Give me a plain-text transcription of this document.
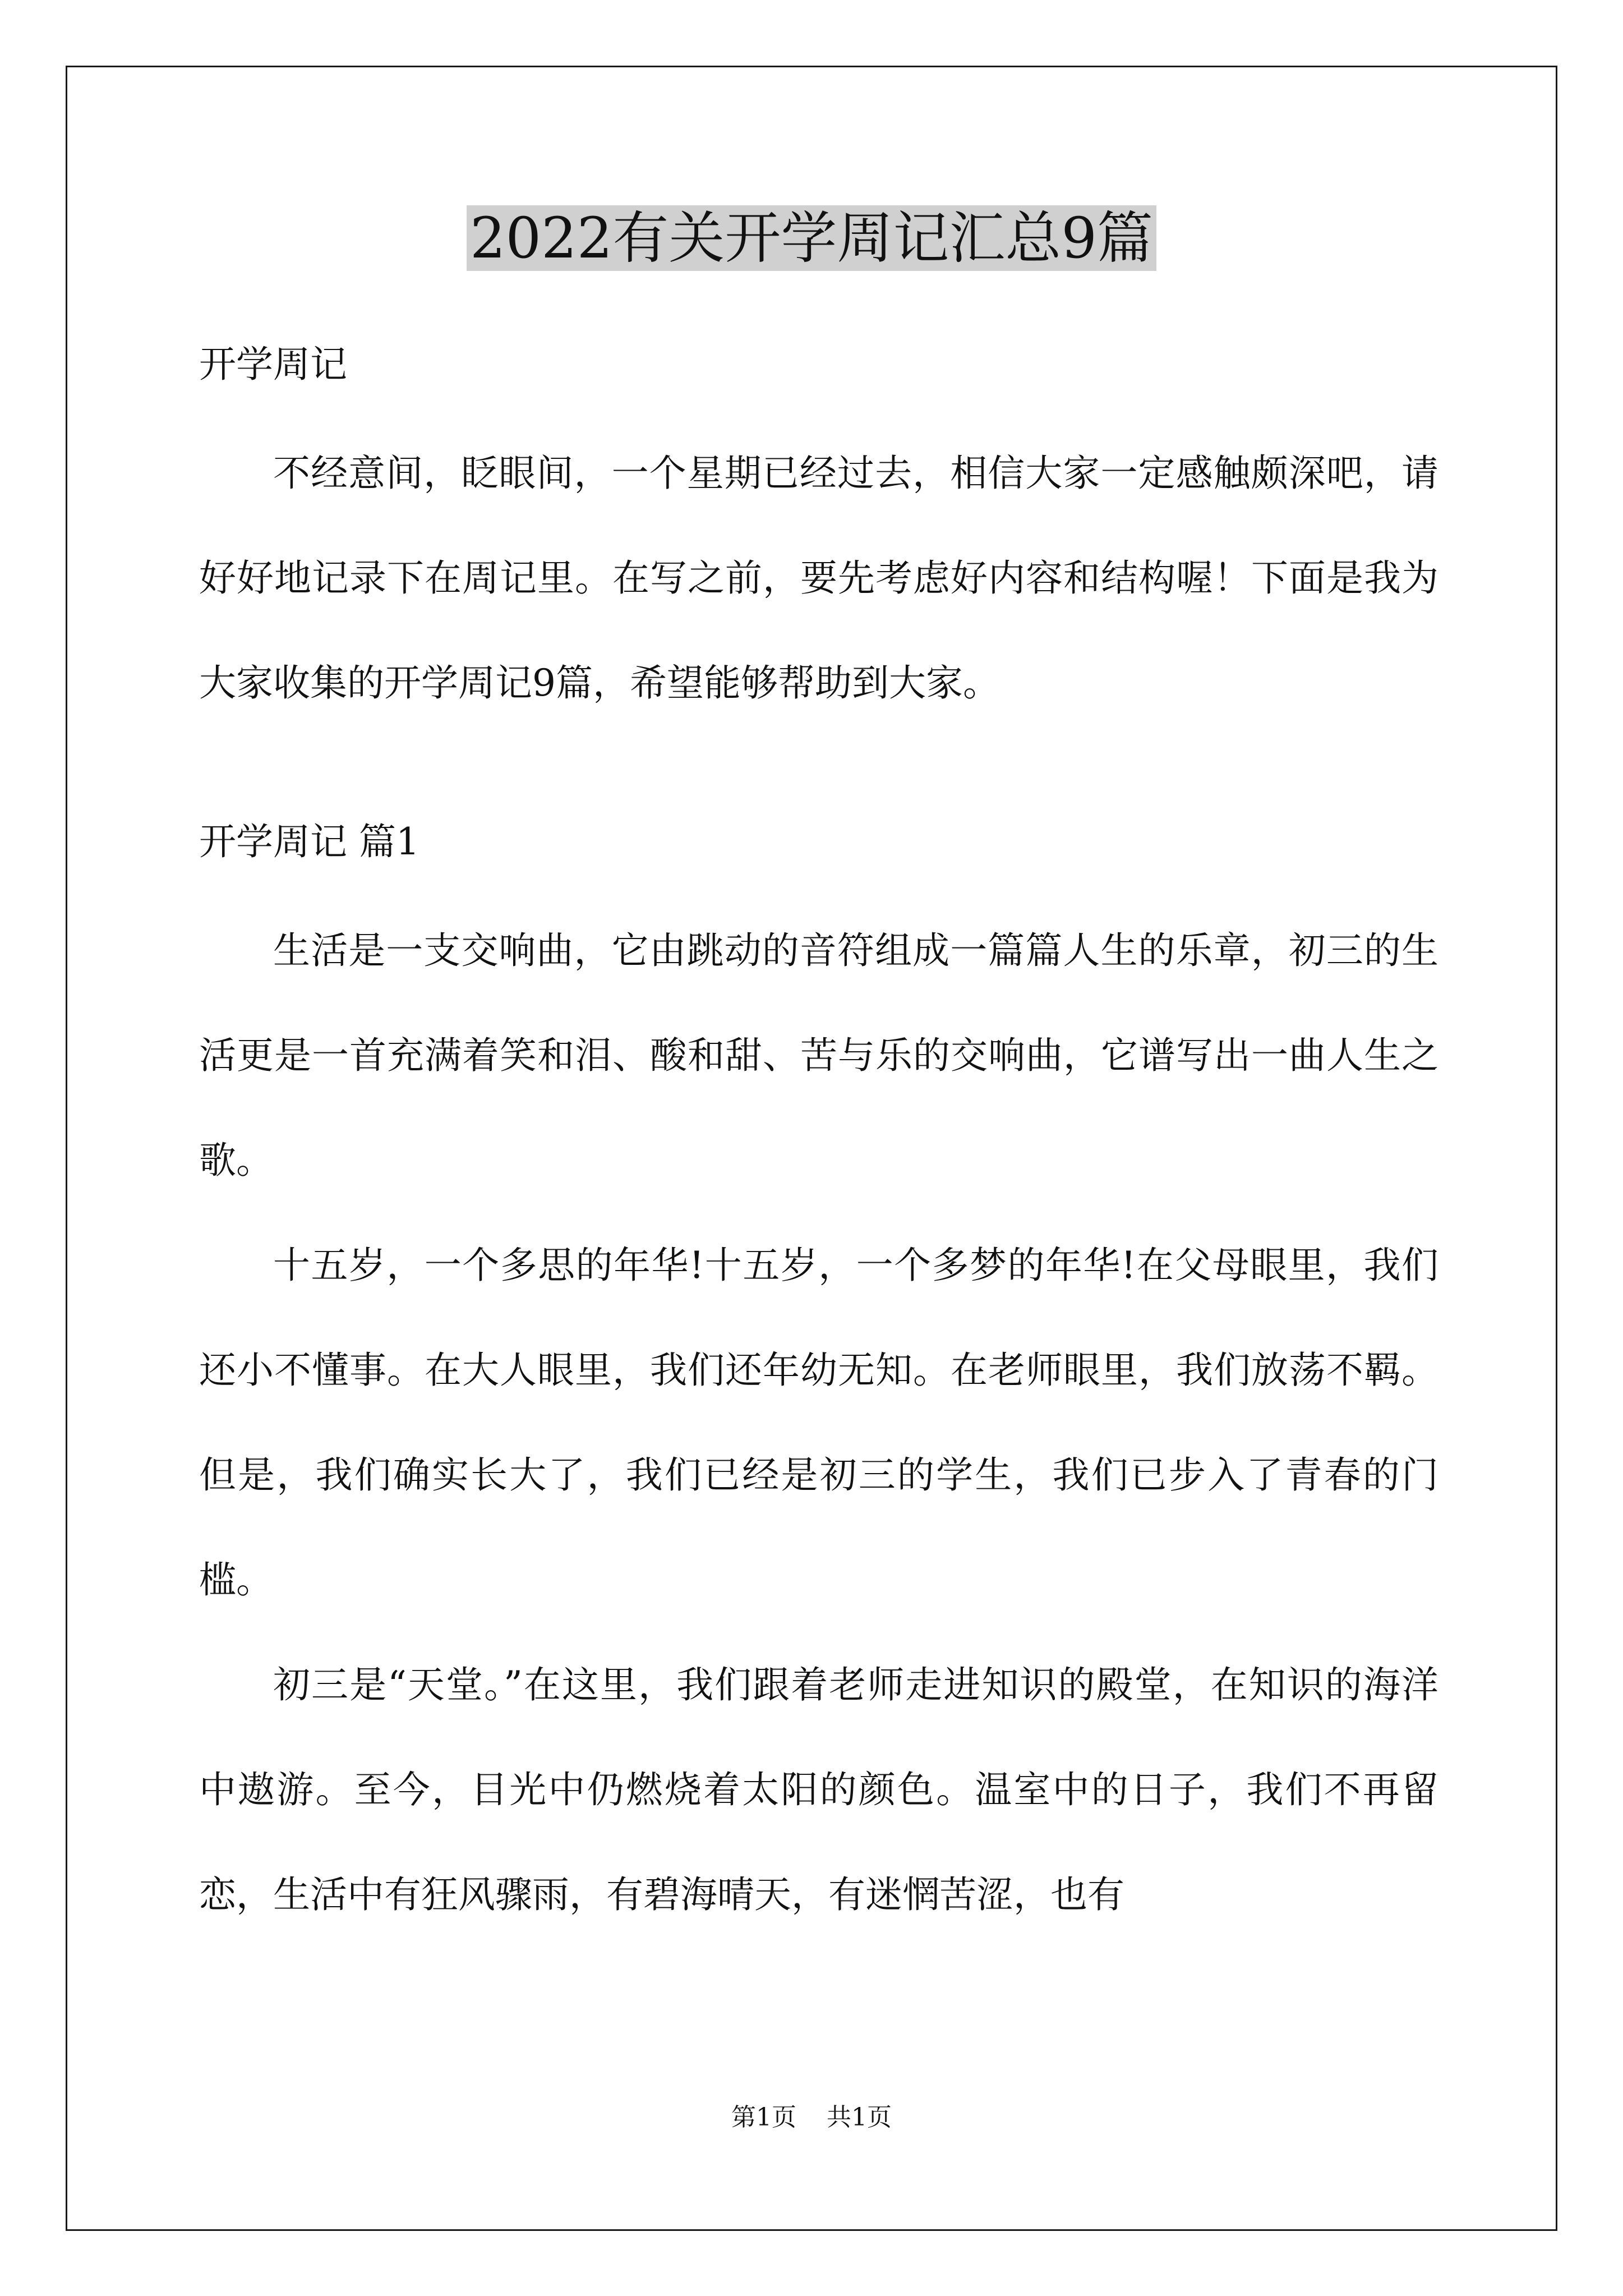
2022有关开学周记汇总9篇

开学周记

不经意间，眨眼间，一个星期已经过去，相信大家一定感触颇深吧，请好好地记录下在周记里。在写之前，要先考虑好内容和结构喔！下面是我为大家收集的开学周记9篇，希望能够帮助到大家。

开学周记 篇1

生活是一支交响曲，它由跳动的音符组成一篇篇人生的乐章，初三的生活更是一首充满着笑和泪、酸和甜、苦与乐的交响曲，它谱写出一曲人生之歌。

十五岁，一个多思的年华!十五岁，一个多梦的年华!在父母眼里，我们还小不懂事。在大人眼里，我们还年幼无知。在老师眼里，我们放荡不羁。但是，我们确实长大了，我们已经是初三的学生，我们已步入了青春的门槛。

初三是“天堂。”在这里，我们跟着老师走进知识的殿堂，在知识的海洋中遨游。至今，目光中仍燃烧着太阳的颜色。温室中的日子，我们不再留恋，生活中有狂风骤雨，有碧海晴天，有迷惘苦涩，也有

第1页 共1页
